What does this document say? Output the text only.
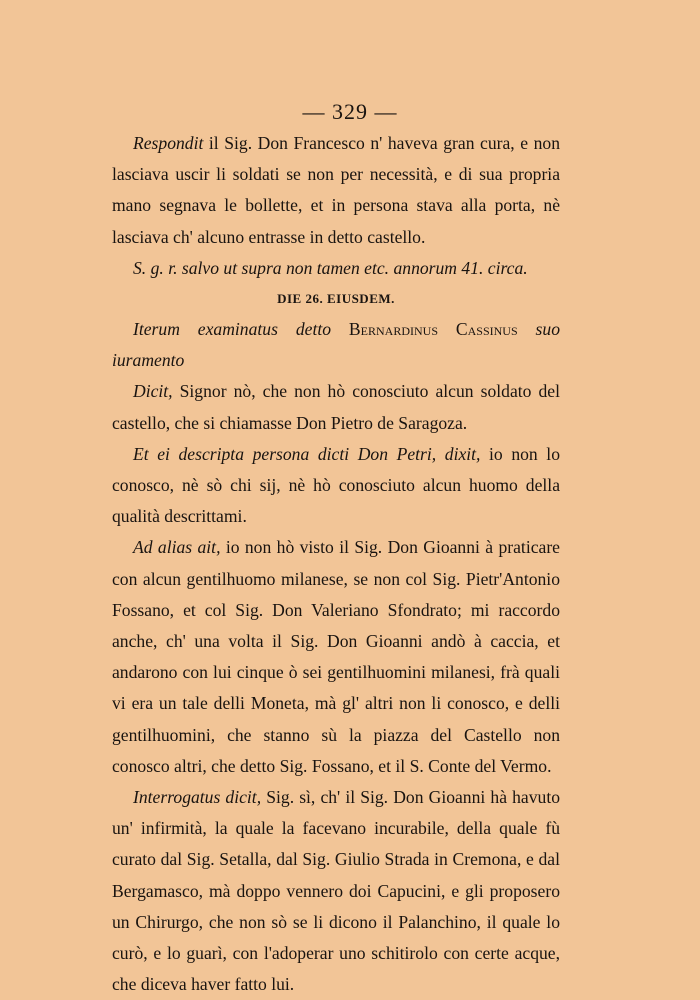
— 329 —

Respondit il Sig. Don Francesco n' haveva gran cura, e non lasciava uscir li soldati se non per necessità, e di sua propria mano segnava le bollette, et in persona stava alla porta, nè lasciava ch' alcuno entrasse in detto castello.

S. g. r. salvo ut supra non tamen etc. annorum 41. circa.

DIE 26. EIUSDEM.

Iterum examinatus detto Bernardinus Cassinus suo iuramento

Dicit, Signor nò, che non hò conosciuto alcun soldato del castello, che si chiamasse Don Pietro de Saragoza.

Et ei descripta persona dicti Don Petri, dixit, io non lo conosco, nè sò chi sij, nè hò conosciuto alcun huomo della qualità descrittami.

Ad alias ait, io non hò visto il Sig. Don Gioanni à praticare con alcun gentilhuomo milanese, se non col Sig. Pietr'Antonio Fossano, et col Sig. Don Valeriano Sfondrato; mi raccordo anche, ch' una volta il Sig. Don Gioanni andò à caccia, et andarono con lui cinque ò sei gentilhuomini milanesi, frà quali vi era un tale delli Moneta, mà gl' altri non li conosco, e delli gentilhuomini, che stanno sù la piazza del Castello non conosco altri, che detto Sig. Fossano, et il S. Conte del Vermo.

Interrogatus dicit, Sig. sì, ch' il Sig. Don Gioanni hà havuto un' infirmità, la quale la facevano incurabile, della quale fù curato dal Sig. Setalla, dal Sig. Giulio Strada in Cremona, e dal Bergamasco, mà doppo vennero doi Capucini, e gli proposero un Chirurgo, che non sò se li dicono il Palanchino, il quale lo curò, e lo guarì, con l'adoperar uno schitirolo con certe acque, che diceva haver fatto lui.
